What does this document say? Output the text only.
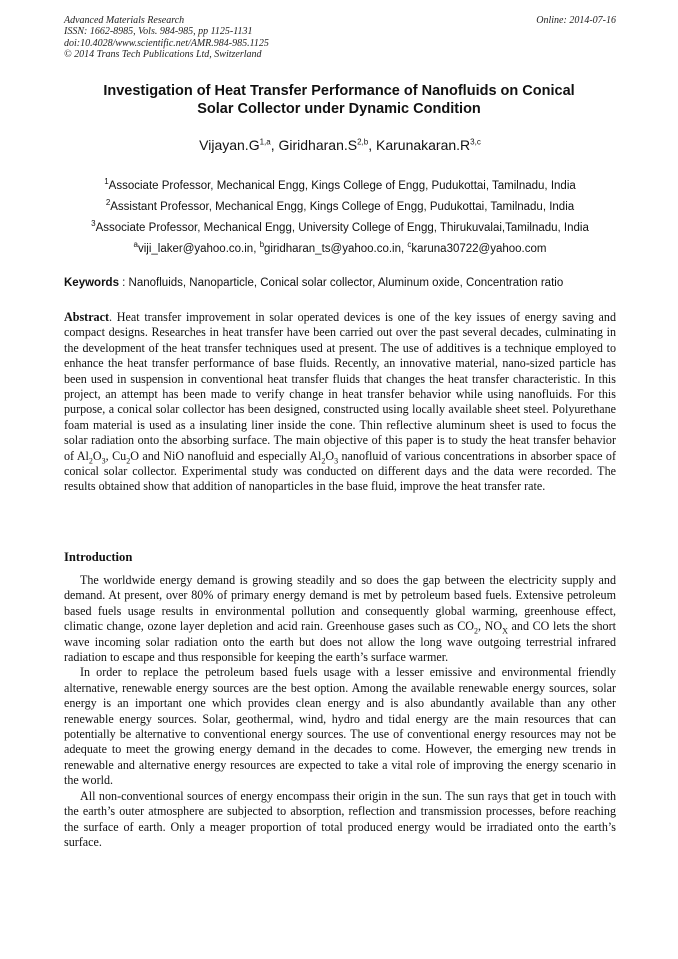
Advanced Materials Research
ISSN: 1662-8985, Vols. 984-985, pp 1125-1131
doi:10.4028/www.scientific.net/AMR.984-985.1125
© 2014 Trans Tech Publications Ltd, Switzerland
Online: 2014-07-16
Investigation of Heat Transfer Performance of Nanofluids on Conical
Solar Collector under Dynamic Condition
$Vijayan.G^{1,a}$, $Giridharan.S^{2,b}$, $Karunakaran.R^{3,c}$
$^1$Associate Professor, Mechanical Engg, Kings College of Engg, Pudukottai, Tamilnadu, India
$^2$Assistant Professor, Mechanical Engg, Kings College of Engg, Pudukottai, Tamilnadu, India
$^3$Associate Professor, Mechanical Engg, University College of Engg, Thirukuvalai,Tamilnadu, India
$^a$viji_laker@yahoo.co.in, $^b$giridharan_ts@yahoo.co.in, $^c$karuna30722@yahoo.com
Keywords : Nanofluids, Nanoparticle, Conical solar collector, Aluminum oxide, Concentration ratio
Abstract. Heat transfer improvement in solar operated devices is one of the key issues of energy saving and compact designs. Researches in heat transfer have been carried out over the past several decades, culminating in the development of the heat transfer techniques used at present. The use of additives is a technique employed to enhance the heat transfer performance of base fluids. Recently, an innovative material, nano-sized particle has been used in suspension in conventional heat transfer fluids that changes the heat transfer characteristic. In this project, an attempt has been made to verify change in heat transfer behavior while using nanofluids. For this purpose, a conical solar collector has been designed, constructed using locally available sheet steel. Polyurethane foam material is used as a insulating liner inside the cone. Thin reflective aluminum sheet is used to focus the solar radiation onto the absorbing surface. The main objective of this paper is to study the heat transfer behavior of $Al_2O_3$, $Cu_2O$ and NiO nanofluid and especially $Al_2O_3$ nanofluid of various concentrations in absorber space of conical solar collector. Experimental study was conducted on different days and the data were recorded. The results obtained show that addition of nanoparticles in the base fluid, improve the heat transfer rate.
Introduction

The worldwide energy demand is growing steadily and so does the gap between the electricity supply and demand. At present, over 80% of primary energy demand is met by petroleum based fuels. Extensive petroleum based fuels usage results in environmental pollution and consequently global warming, greenhouse effect, climatic change, ozone layer depletion and acid rain. Greenhouse gases such as $CO_2$, $NO_X$ and CO lets the short wave incoming solar radiation onto the earth but does not allow the long wave outgoing terrestrial infrared radiation to escape and thus responsible for keeping the earth’s surface warmer.

In order to replace the petroleum based fuels usage with a lesser emissive and environmental friendly alternative, renewable energy sources are the best option. Among the available renewable energy sources, solar energy is an important one which provides clean energy and is also abundantly available than any other renewable energy sources. Solar, geothermal, wind, hydro and tidal energy are the main resources that can potentially be alternative to conventional energy sources. The use of conventional energy resources may not be adequate to meet the growing energy demand in the decades to come. However, the emerging new trends in renewable and alternative energy resources are expected to take a vital role of improving the energy scenario in the world.

All non-conventional sources of energy encompass their origin in the sun. The sun rays that get in touch with the earth’s outer atmosphere are subjected to absorption, reflection and transmission processes, before reaching the surface of earth. Only a meager proportion of total produced energy would be irradiated onto the earth’s surface.
